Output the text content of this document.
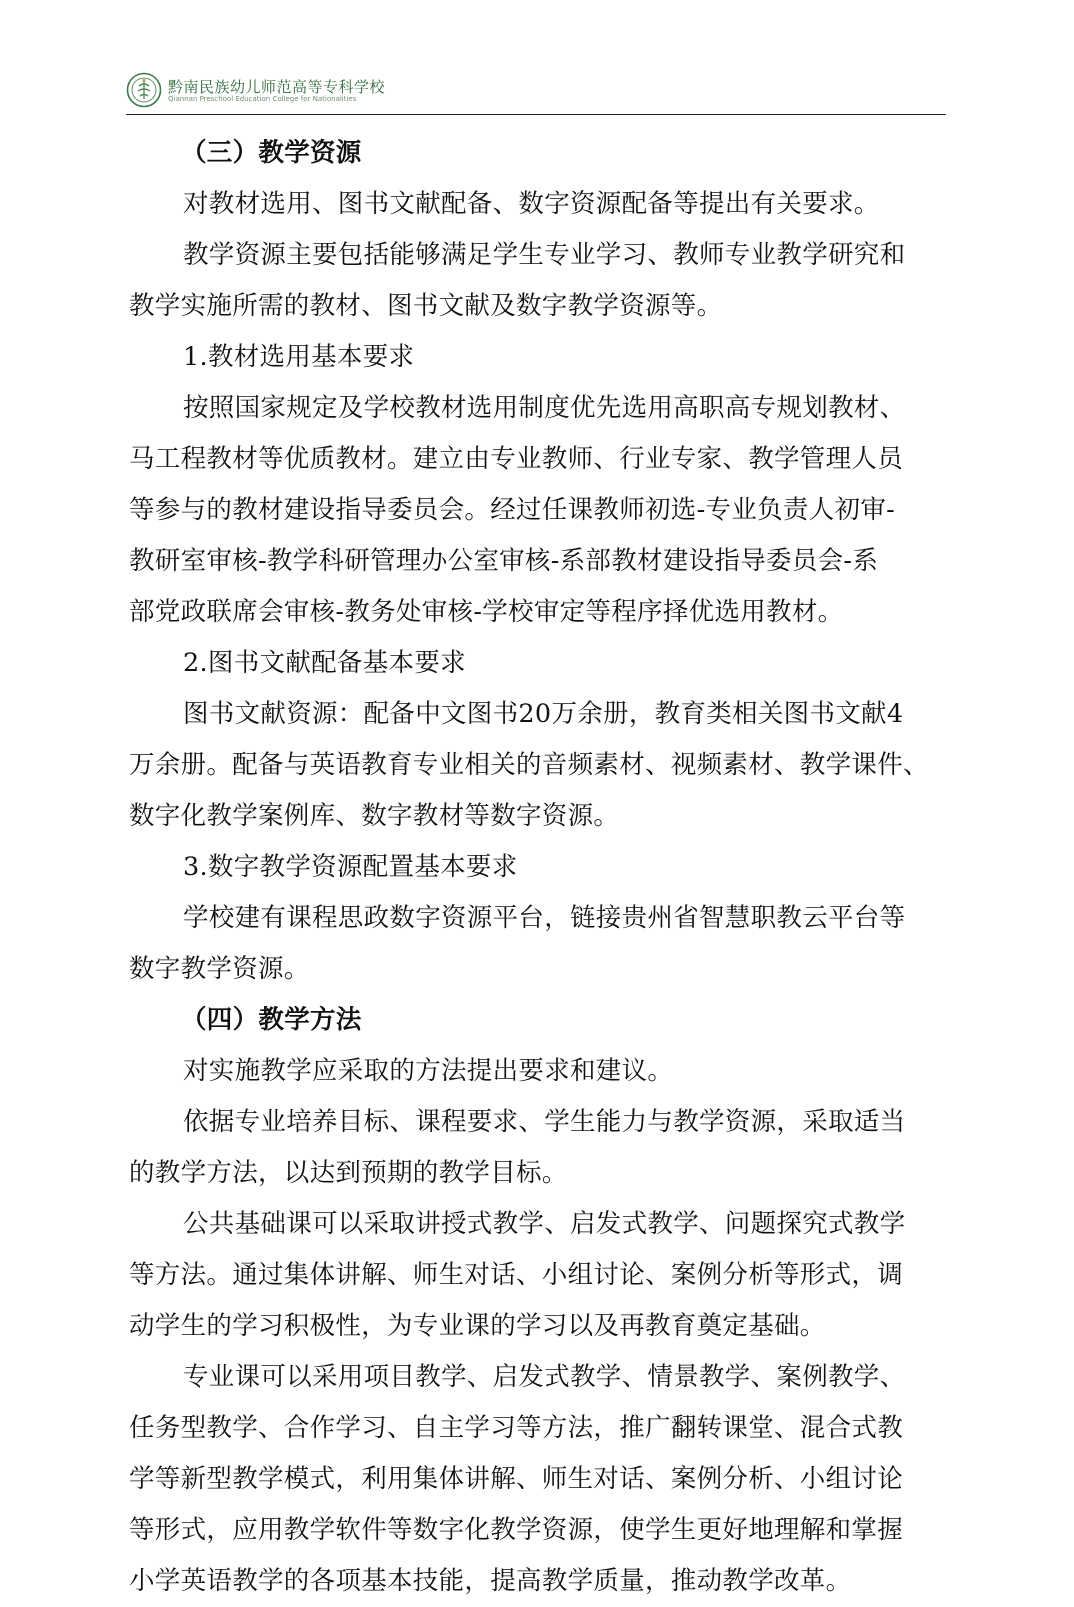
黔南民族幼儿师范高等专科学校
Qiannan Preschool Education College for Nationalities
（三）教学资源
对教材选用、图书文献配备、数字资源配备等提出有关要求。
教学资源主要包括能够满足学生专业学习、教师专业教学研究和
教学实施所需的教材、图书文献及数字教学资源等。
1.教材选用基本要求
按照国家规定及学校教材选用制度优先选用高职高专规划教材、
马工程教材等优质教材。建立由专业教师、行业专家、教学管理人员
等参与的教材建设指导委员会。经过任课教师初选-专业负责人初审-
教研室审核-教学科研管理办公室审核-系部教材建设指导委员会-系
部党政联席会审核-教务处审核-学校审定等程序择优选用教材。
2.图书文献配备基本要求
图书文献资源：配备中文图书20万余册，教育类相关图书文献4
万余册。配备与英语教育专业相关的音频素材、视频素材、教学课件、
数字化教学案例库、数字教材等数字资源。
3.数字教学资源配置基本要求
学校建有课程思政数字资源平台，链接贵州省智慧职教云平台等
数字教学资源。
（四）教学方法
对实施教学应采取的方法提出要求和建议。
依据专业培养目标、课程要求、学生能力与教学资源，采取适当
的教学方法，以达到预期的教学目标。
公共基础课可以采取讲授式教学、启发式教学、问题探究式教学
等方法。通过集体讲解、师生对话、小组讨论、案例分析等形式，调
动学生的学习积极性，为专业课的学习以及再教育奠定基础。
专业课可以采用项目教学、启发式教学、情景教学、案例教学、
任务型教学、合作学习、自主学习等方法，推广翻转课堂、混合式教
学等新型教学模式，利用集体讲解、师生对话、案例分析、小组讨论
等形式，应用教学软件等数字化教学资源，使学生更好地理解和掌握
小学英语教学的各项基本技能，提高教学质量，推动教学改革。
